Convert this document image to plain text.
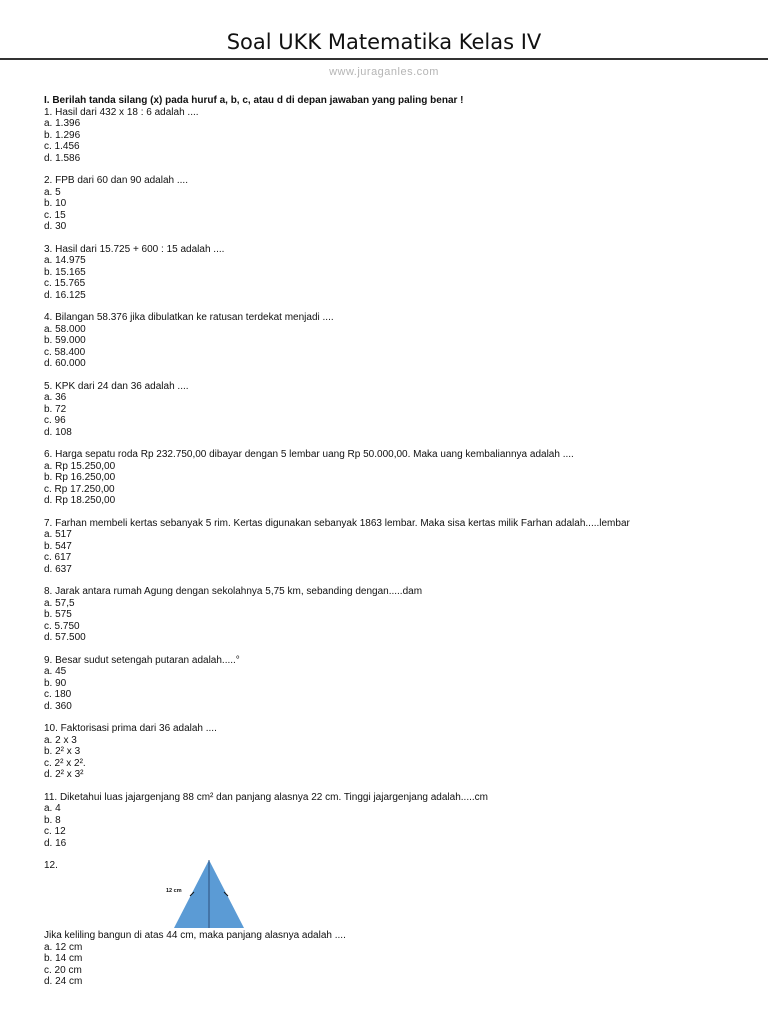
Soal UKK Matematika Kelas IV
www.juraganles.com

I. Berilah tanda silang (x) pada huruf a, b, c, atau d di depan jawaban yang paling benar !

1. Hasil dari 432 x 18 : 6 adalah ....

a. 1.396

b. 1.296

c. 1.456

d. 1.586

2. FPB dari 60 dan 90 adalah ....

a. 5

b. 10

c. 15

d. 30

3. Hasil dari 15.725 + 600 : 15 adalah ....

a. 14.975

b. 15.165

c. 15.765

d. 16.125

4. Bilangan 58.376 jika dibulatkan ke ratusan terdekat menjadi ....

a. 58.000

b. 59.000

c. 58.400

d. 60.000

5. KPK dari 24 dan 36 adalah ....

a. 36

b. 72

c. 96

d. 108

6. Harga sepatu roda Rp 232.750,00 dibayar dengan 5 lembar uang Rp 50.000,00. Maka uang kembaliannya adalah ....

a. Rp 15.250,00

b. Rp 16.250,00

c. Rp 17.250,00

d. Rp 18.250,00

7. Farhan membeli kertas sebanyak 5 rim. Kertas digunakan sebanyak 1863 lembar. Maka sisa kertas milik Farhan adalah.....lembar

a. 517

b. 547

c. 617

d. 637

8. Jarak antara rumah Agung dengan sekolahnya 5,75 km, sebanding dengan.....dam

a. 57,5

b. 575

c. 5.750

d. 57.500

9. Besar sudut setengah putaran adalah.....°

a. 45

b. 90

c. 180

d. 360

10. Faktorisasi prima dari 36 adalah ....

a. 2 x 3

b. 2² x 3

c. 2² x 2².

d. 2² x 3²

11. Diketahui luas jajargenjang 88 cm² dan panjang alasnya 22 cm. Tinggi jajargenjang adalah.....cm

a. 4

b. 8

c. 12

d. 16

12.
12 cm

Jika keliling bangun di atas 44 cm, maka panjang alasnya adalah ....

a. 12 cm

b. 14 cm

c. 20 cm

d. 24 cm
